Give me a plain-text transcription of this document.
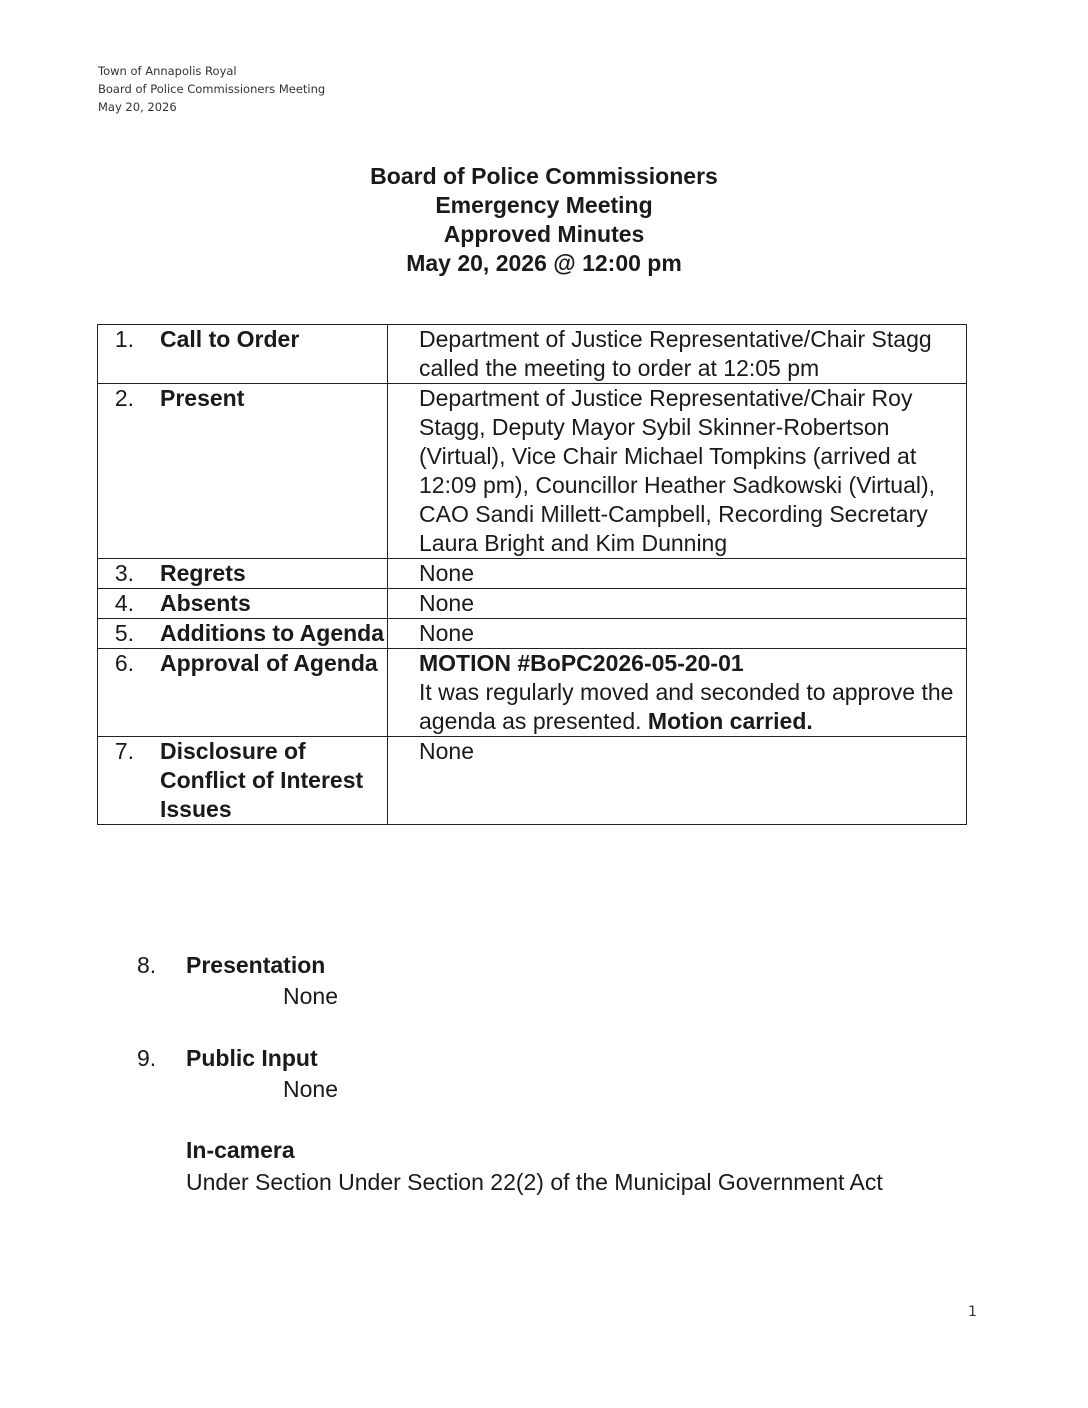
Town of Annapolis Royal
Board of Police Commissioners Meeting
May 20, 2026
Board of Police Commissioners
Emergency Meeting
Approved Minutes
May 20, 2026 @ 12:00 pm
1. Call to Order	Department of Justice Representative/Chair Stagg called the meeting to order at 12:05 pm

2. Present	Department of Justice Representative/Chair Roy Stagg, Deputy Mayor Sybil Skinner-Robertson (Virtual), Vice Chair Michael Tompkins (arrived at 12:09 pm), Councillor Heather Sadkowski (Virtual), CAO Sandi Millett-Campbell, Recording Secretary Laura Bright and Kim Dunning

3. Regrets	None

4. Absents	None

5. Additions to Agenda	None

6. Approval of Agenda	MOTION #BoPC2026-05-20-01
It was regularly moved and seconded to approve the agenda as presented. Motion carried.

7. Disclosure of Conflict of Interest Issues	None
8. Presentation
None
9. Public Input
None
In-camera
Under Section Under Section 22(2) of the Municipal Government Act
1
